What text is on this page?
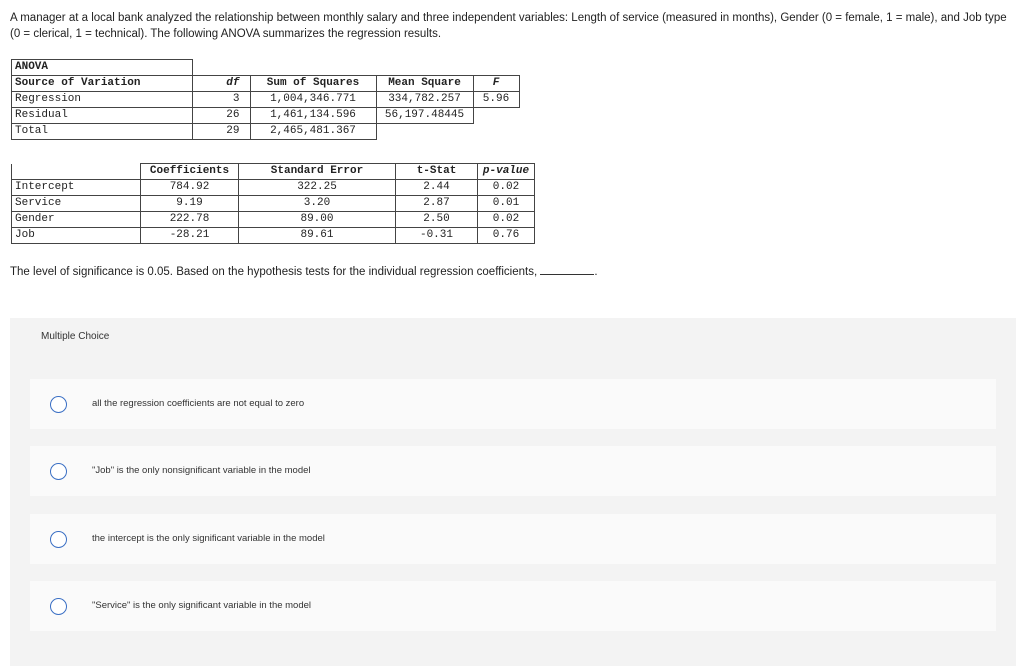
A manager at a local bank analyzed the relationship between monthly salary and three independent variables: Length of service (measured in months), Gender (0 = female, 1 = male), and Job type (0 = clerical, 1 = technical). The following ANOVA summarizes the regression results.
ANOVA				
Source of Variation	df	Sum of Squares	Mean Square	F
Regression	3	1,004,346.771	334,782.257	5.96
Residual	26	1,461,134.596	56,197.48445	
Total	29	2,465,481.367		
	Coefficients	Standard Error	t-Stat	p-value
Intercept	784.92	322.25	2.44	0.02
Service	9.19	3.20	2.87	0.01
Gender	222.78	89.00	2.50	0.02
Job	-28.21	89.61	-0.31	0.76
The level of significance is 0.05. Based on the hypothesis tests for the individual regression coefficients,	.
Multiple Choice
all the regression coefficients are not equal to zero
"Job" is the only nonsignificant variable in the model
the intercept is the only significant variable in the model
"Service" is the only significant variable in the model
